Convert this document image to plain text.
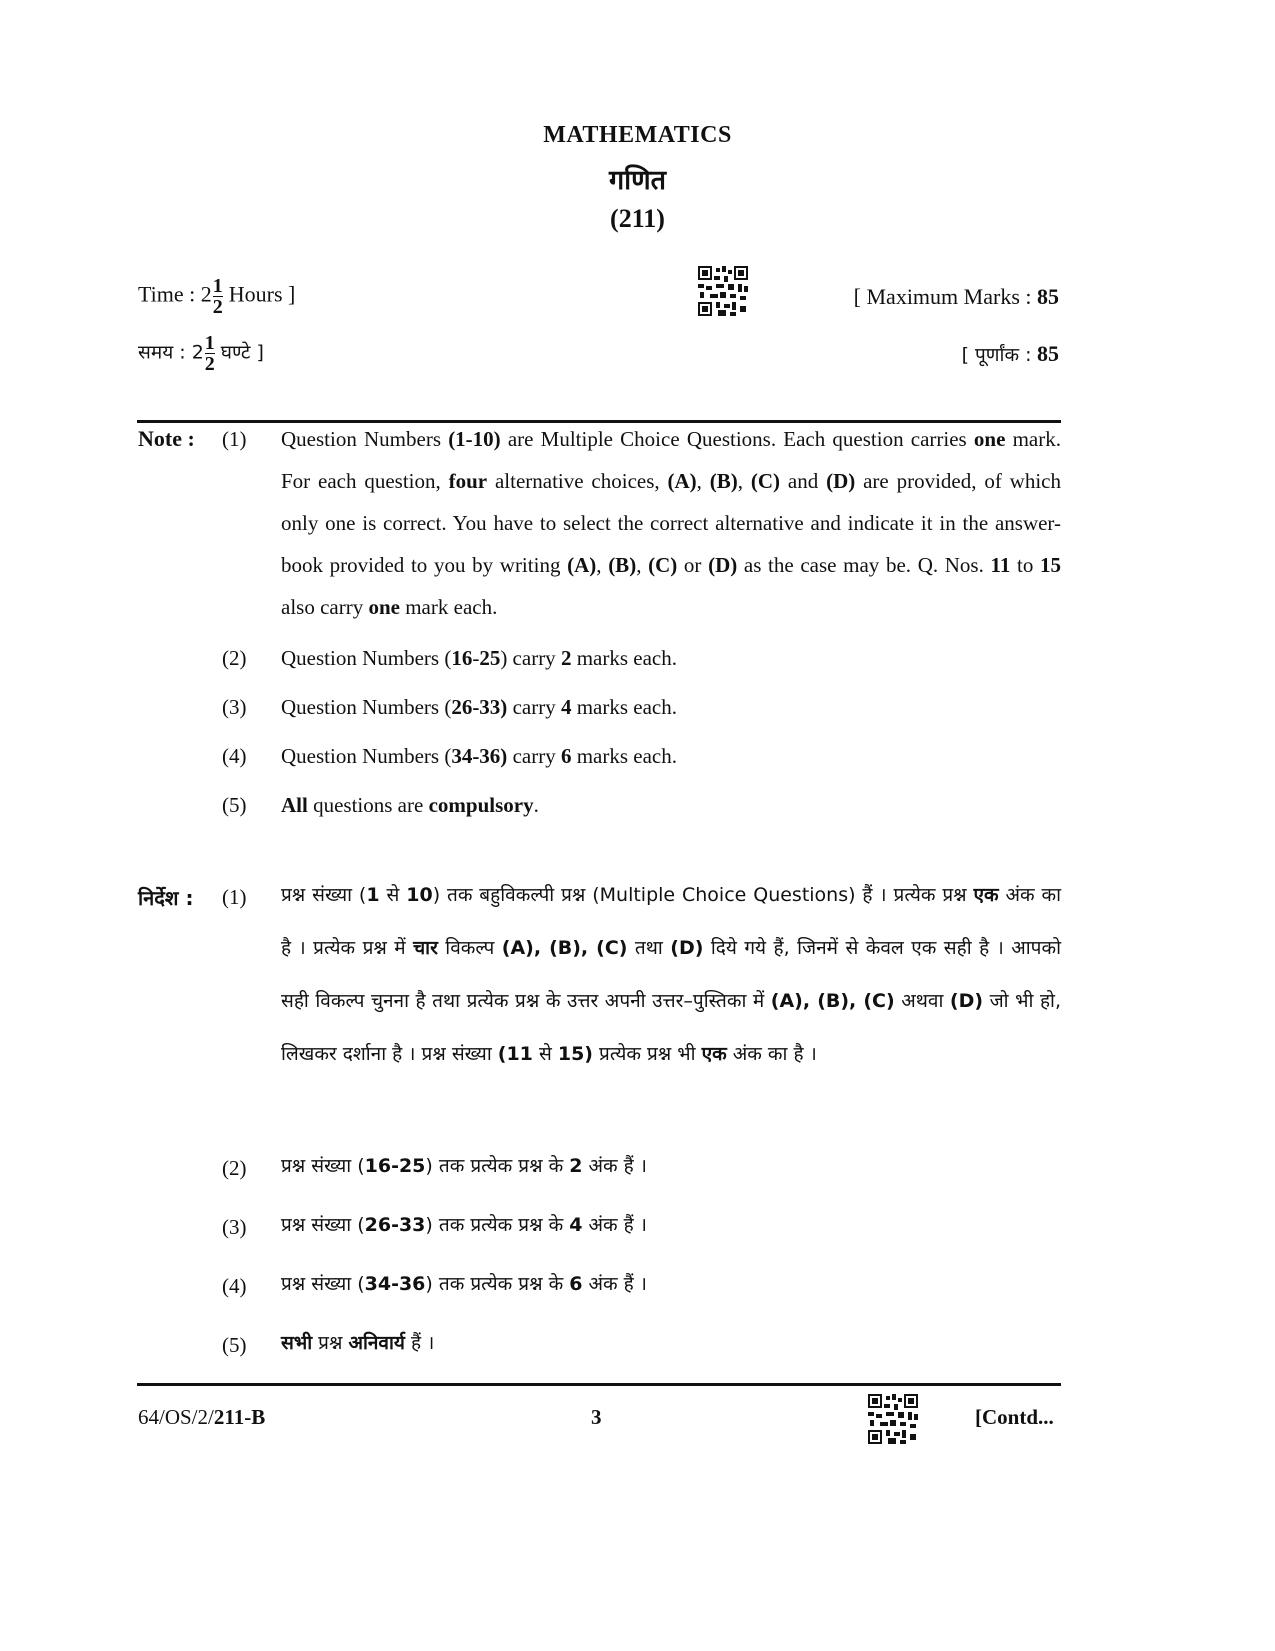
MATHEMATICS
गणित
(211)
Time : $2 \frac{1}{2}$ Hours ]	[ Maximum Marks : 85
समय : $2 \frac{1}{2}$ घण्टे ]	[ पूर्णांक : 85
Note : (1) Question Numbers (1-10) are Multiple Choice Questions. Each question carries one mark. For each question, four alternative choices, (A), (B), (C) and (D) are provided, of which only one is correct. You have to select the correct alternative and indicate it in the answer-book provided to you by writing (A), (B), (C) or (D) as the case may be. Q. Nos. 11 to 15 also carry one mark each.
(2) Question Numbers (16-25) carry 2 marks each.
(3) Question Numbers (26-33) carry 4 marks each.
(4) Question Numbers (34-36) carry 6 marks each.
(5) All questions are compulsory.
निर्देश : (1) प्रश्न संख्या (1 से 10) तक बहुविकल्पी प्रश्न (Multiple Choice Questions) हैं । प्रत्येक प्रश्न एक अंक का है । प्रत्येक प्रश्न में चार विकल्प (A), (B), (C) तथा (D) दिये गये हैं, जिनमें से केवल एक सही है । आपको सही विकल्प चुनना है तथा प्रत्येक प्रश्न के उत्तर अपनी उत्तर–पुस्तिका में (A), (B), (C) अथवा (D) जो भी हो, लिखकर दर्शाना है । प्रश्न संख्या (11 से 15) प्रत्येक प्रश्न भी एक अंक का है ।
(2) प्रश्न संख्या (16-25) तक प्रत्येक प्रश्न के 2 अंक हैं ।
(3) प्रश्न संख्या (26-33) तक प्रत्येक प्रश्न के 4 अंक हैं ।
(4) प्रश्न संख्या (34-36) तक प्रत्येक प्रश्न के 6 अंक हैं ।
(5) सभी प्रश्न अनिवार्य हैं ।
64/OS/2/211-B	3	[Contd...
